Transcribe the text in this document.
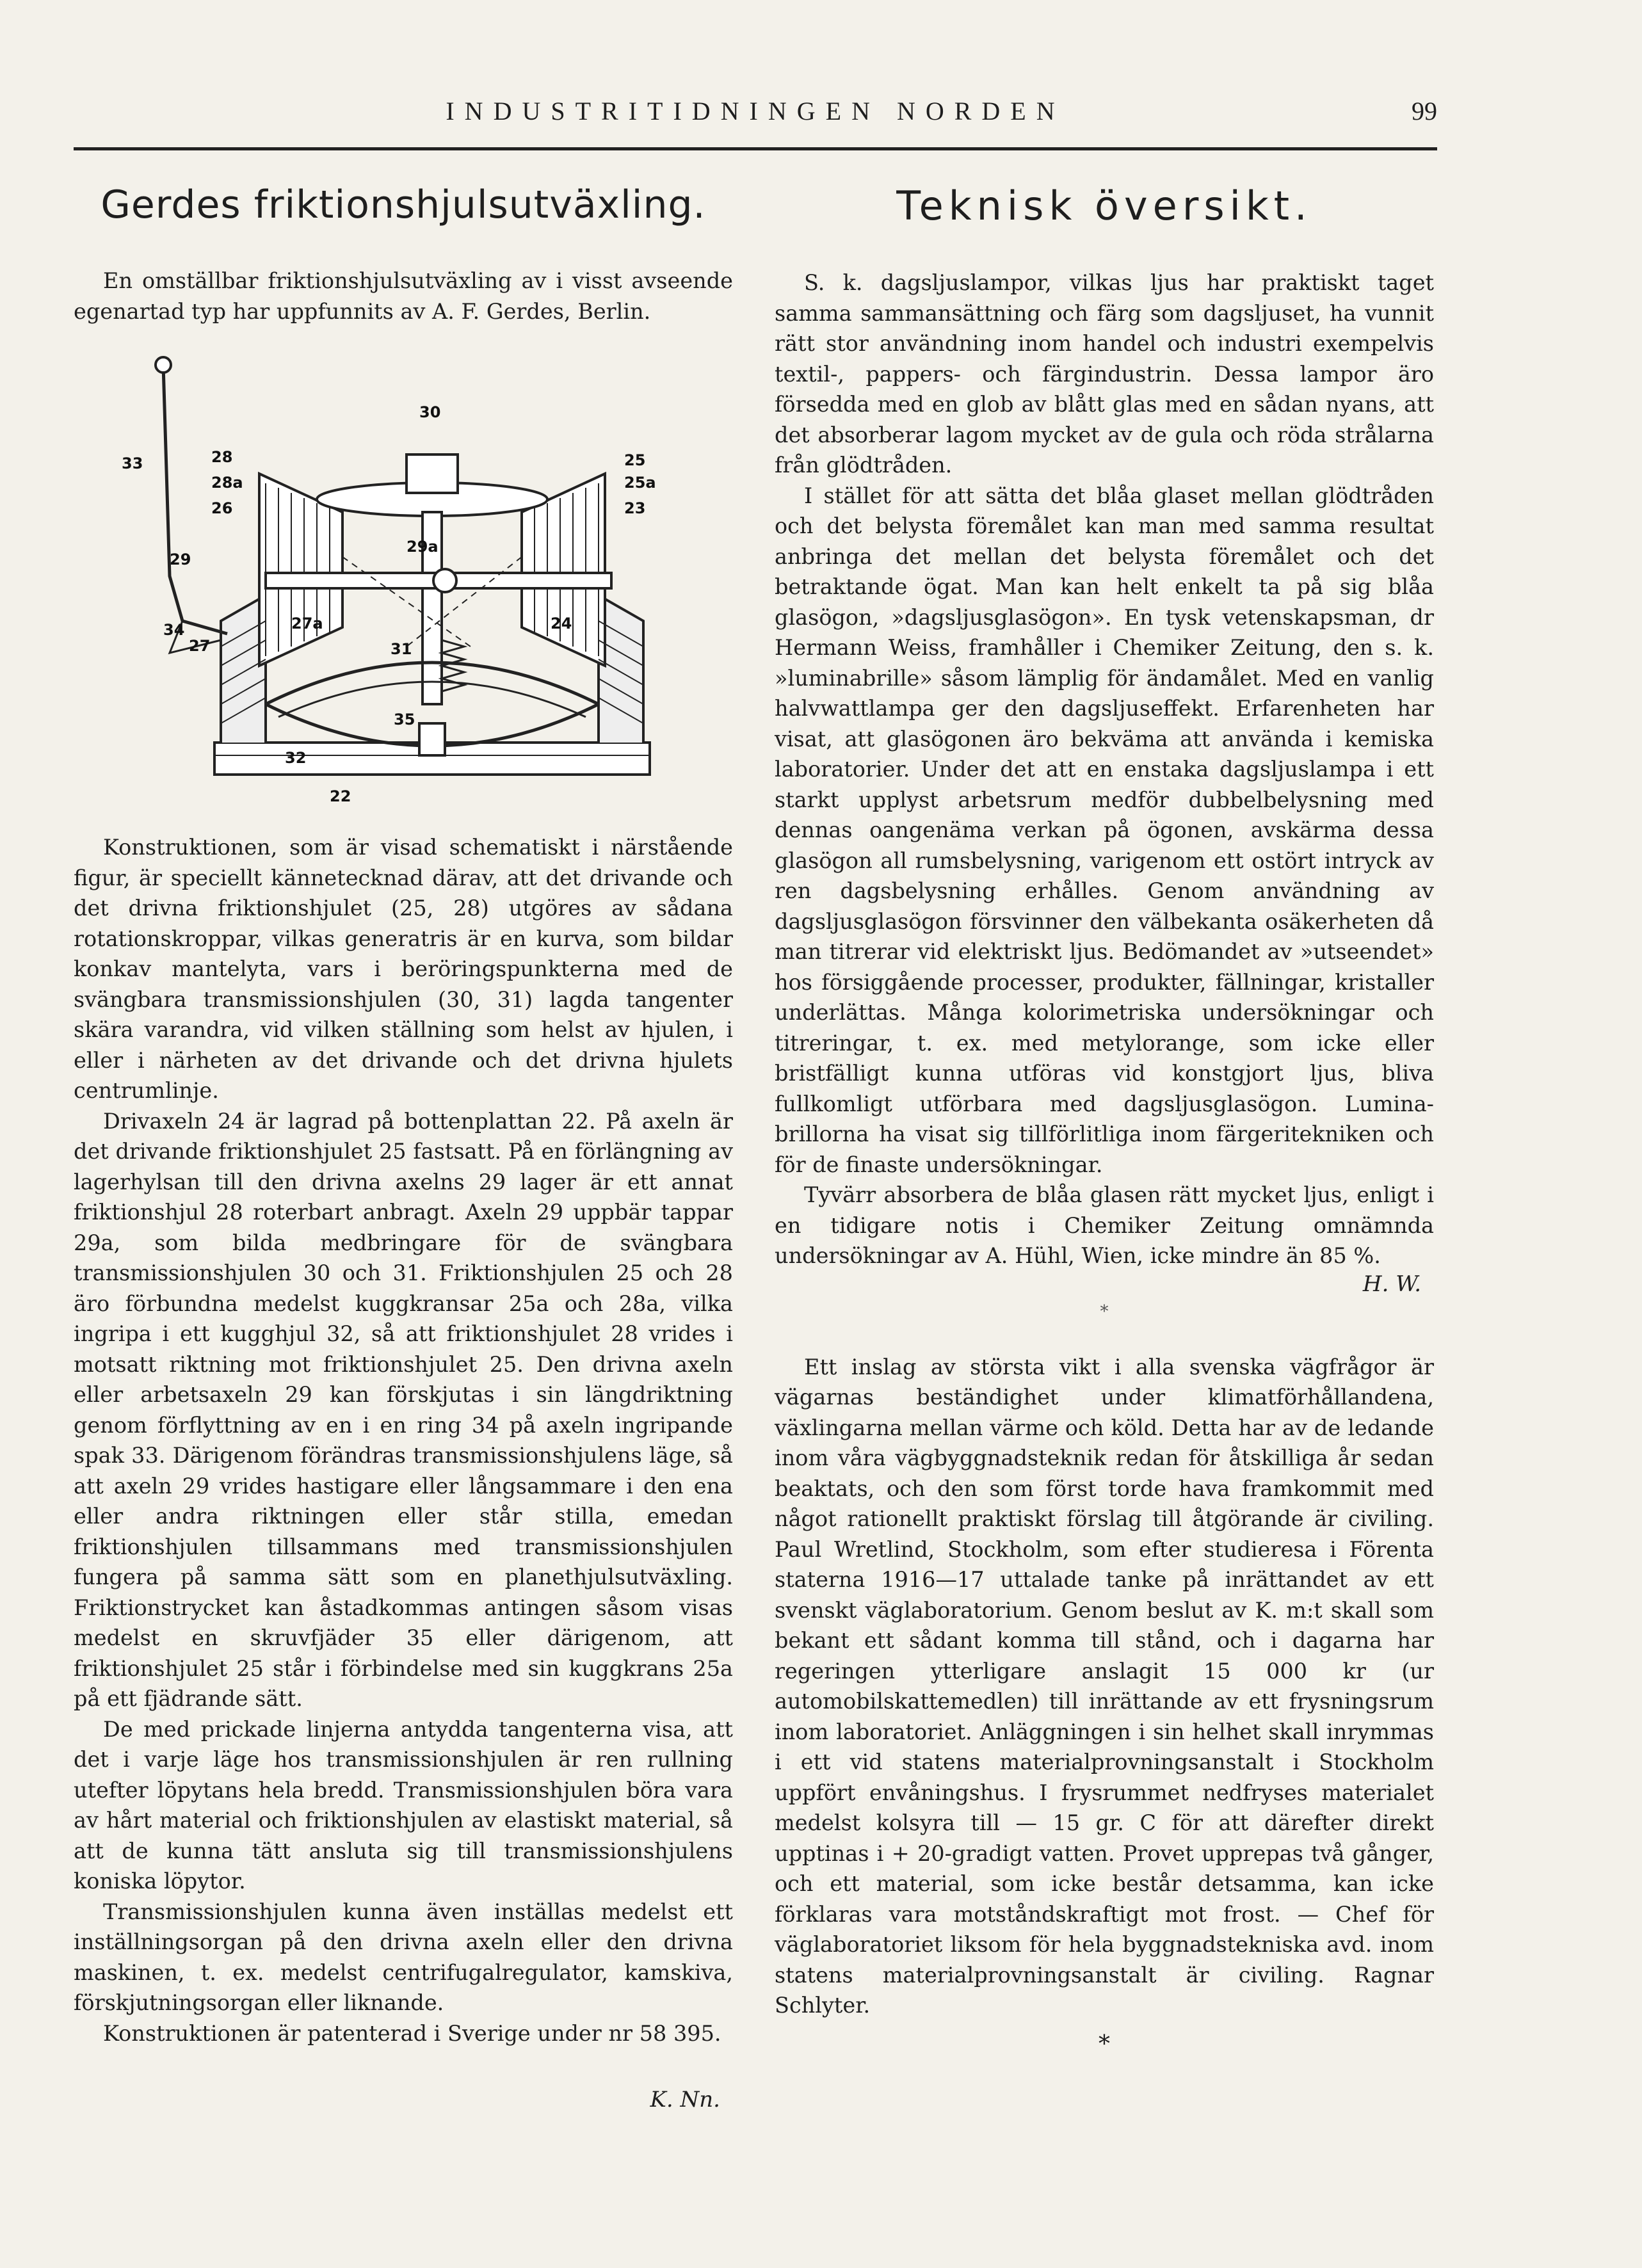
INDUSTRITIDNINGEN NORDEN	99
Gerdes friktionshjulsutväxling.

En omställbar friktionshjulsutväxling av i visst avseende egenartad typ har uppfunnits av A. F. Gerdes, Berlin.

30
28
28a
26
25
25a
23
33
29
29a
34
27
27a
31
24
35
32
22

Konstruktionen, som är visad schematiskt i närstående figur, är speciellt kännetecknad därav, att det drivande och det drivna friktionshjulet (25, 28) utgöres av sådana rotationskroppar, vilkas generatris är en kurva, som bildar konkav mantelyta, vars i beröringspunkterna med de svängbara transmissionshjulen (30, 31) lagda tangenter skära varandra, vid vilken ställning som helst av hjulen, i eller i närheten av det drivande och det drivna hjulets centrumlinje.

Drivaxeln 24 är lagrad på bottenplattan 22. På axeln är det drivande friktionshjulet 25 fastsatt. På en förlängning av lagerhylsan till den drivna axelns 29 lager är ett annat friktionshjul 28 roterbart anbragt. Axeln 29 uppbär tappar 29a, som bilda medbringare för de svängbara transmissionshjulen 30 och 31. Friktionshjulen 25 och 28 äro förbundna medelst kuggkransar 25a och 28a, vilka ingripa i ett kugghjul 32, så att friktionshjulet 28 vrides i motsatt riktning mot friktionshjulet 25. Den drivna axeln eller arbetsaxeln 29 kan förskjutas i sin längdriktning genom förflyttning av en i en ring 34 på axeln ingripande spak 33. Därigenom förändras transmissionshjulens läge, så att axeln 29 vrides hastigare eller långsammare i den ena eller andra riktningen eller står stilla, emedan friktionshjulen tillsammans med transmissionshjulen fungera på samma sätt som en planethjulsutväxling. Friktionstrycket kan åstadkommas antingen såsom visas medelst en skruvfjäder 35 eller därigenom, att friktionshjulet 25 står i förbindelse med sin kuggkrans 25a på ett fjädrande sätt.

De med prickade linjerna antydda tangenterna visa, att det i varje läge hos transmissionshjulen är ren rullning utefter löpytans hela bredd. Transmissionshjulen böra vara av hårt material och friktionshjulen av elastiskt material, så att de kunna tätt ansluta sig till transmissionshjulens koniska löpytor.

Transmissionshjulen kunna även inställas medelst ett inställningsorgan på den drivna axeln eller den drivna maskinen, t. ex. medelst centrifugalregulator, kamskiva, förskjutningsorgan eller liknande.

Konstruktionen är patenterad i Sverige under nr 58 395.

K. Nn.
Teknisk översikt.

S. k. dagsljuslampor, vilkas ljus har praktiskt taget samma sammansättning och färg som dagsljuset, ha vunnit rätt stor användning inom handel och industri exempelvis textil-, pappers- och färgindustrin. Dessa lampor äro försedda med en glob av blått glas med en sådan nyans, att det absorberar lagom mycket av de gula och röda strålarna från glödtråden.

I stället för att sätta det blåa glaset mellan glödtråden och det belysta föremålet kan man med samma resultat anbringa det mellan det belysta föremålet och det betraktande ögat. Man kan helt enkelt ta på sig blåa glasögon, »dagsljusglasögon». En tysk vetenskapsman, dr Hermann Weiss, framhåller i Chemiker Zeitung, den s. k. »luminabrille» såsom lämplig för ändamålet. Med en vanlig halvwattlampa ger den dagsljuseffekt. Erfarenheten har visat, att glasögonen äro bekväma att använda i kemiska laboratorier. Under det att en enstaka dagsljuslampa i ett starkt upplyst arbetsrum medför dubbelbelysning med dennas oangenäma verkan på ögonen, avskärma dessa glasögon all rumsbelysning, varigenom ett ostört intryck av ren dagsbelysning erhålles. Genom användning av dagsljusglasögon försvinner den välbekanta osäkerheten då man titrerar vid elektriskt ljus. Bedömandet av »utseendet» hos försiggående processer, produkter, fällningar, kristaller underlättas. Många kolorimetriska undersökningar och titreringar, t. ex. med metylorange, som icke eller bristfälligt kunna utföras vid konstgjort ljus, bliva fullkomligt utförbara med dagsljusglasögon. Lumina-brillorna ha visat sig tillförlitliga inom färgeritekniken och för de finaste undersökningar.

Tyvärr absorbera de blåa glasen rätt mycket ljus, enligt i en tidigare notis i Chemiker Zeitung omnämnda undersökningar av A. Hühl, Wien, icke mindre än 85 %.

H. W.
*

Ett inslag av största vikt i alla svenska vägfrågor är vägarnas beständighet under klimatförhållandena, växlingarna mellan värme och köld. Detta har av de ledande inom våra vägbyggnadsteknik redan för åtskilliga år sedan beaktats, och den som först torde hava framkommit med något rationellt praktiskt förslag till åtgörande är civiling. Paul Wretlind, Stockholm, som efter studieresa i Förenta staterna 1916—17 uttalade tanke på inrättandet av ett svenskt väglaboratorium. Genom beslut av K. m:t skall som bekant ett sådant komma till stånd, och i dagarna har regeringen ytterligare anslagit 15 000 kr (ur automobilskattemedlen) till inrättande av ett frysningsrum inom laboratoriet. Anläggningen i sin helhet skall inrymmas i ett vid statens materialprovningsanstalt i Stockholm uppfört envåningshus. I frysrummet nedfryses materialet medelst kolsyra till — 15 gr. C för att därefter direkt upptinas i + 20-gradigt vatten. Provet upprepas två gånger, och ett material, som icke består detsamma, kan icke förklaras vara motståndskraftigt mot frost. — Chef för väglaboratoriet liksom för hela byggnadstekniska avd. inom statens materialprovningsanstalt är civiling. Ragnar Schlyter.

*
